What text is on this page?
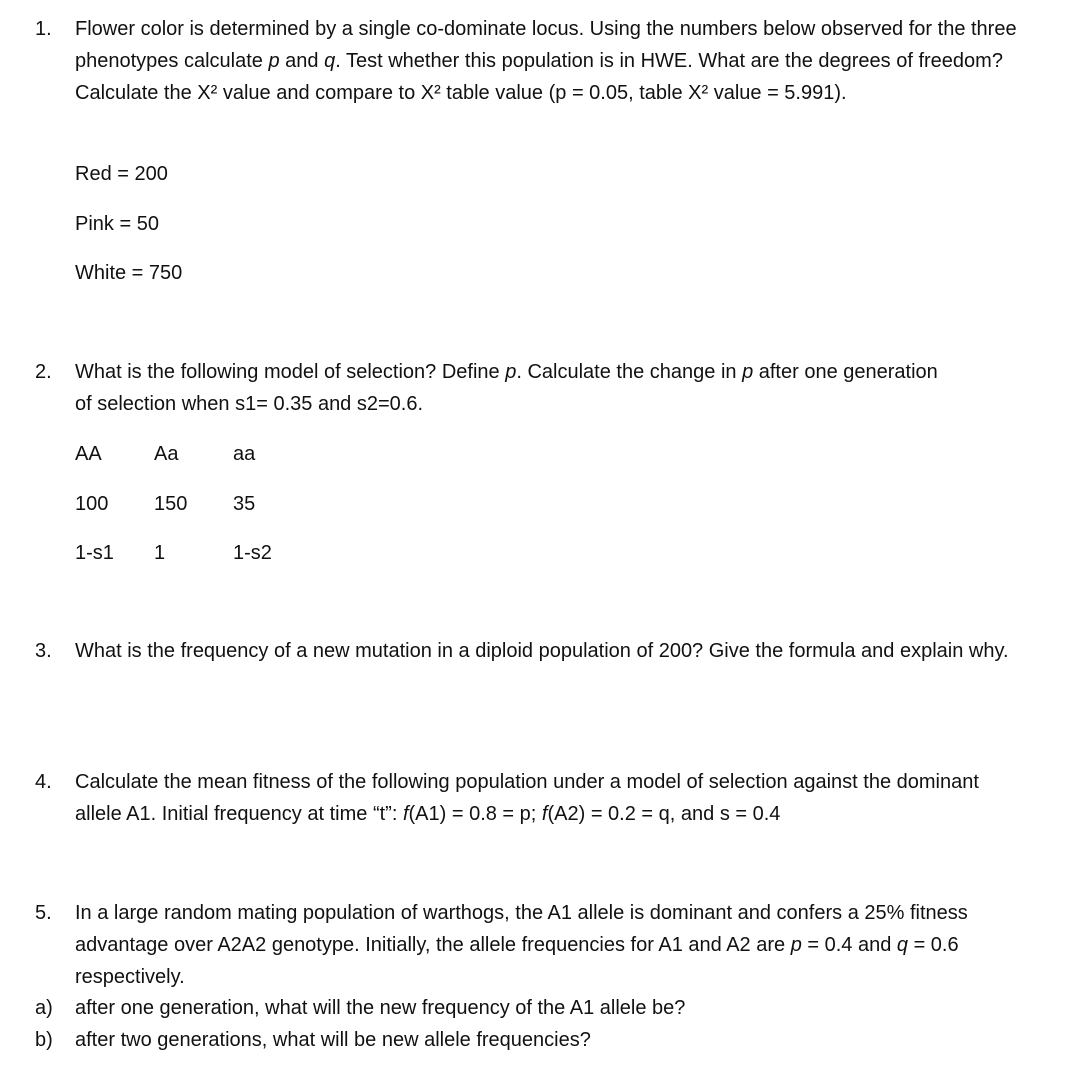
1.	Flower color is determined by a single co-dominate locus. Using the numbers below observed for the three phenotypes calculate p and q. Test whether this population is in HWE. What are the degrees of freedom? Calculate the X² value and compare to X² table value (p = 0.05, table X² value = 5.991).
Red = 200
Pink = 50
White = 750
2.	What is the following model of selection? Define p. Calculate the change in p after one generation of selection when s1= 0.35 and s2=0.6.
AA	Aa	aa
100 150 35
1-s1 1	1-s2
3.	What is the frequency of a new mutation in a diploid population of 200? Give the formula and explain why.
4.	Calculate the mean fitness of the following population under a model of selection against the dominant allele A1. Initial frequency at time “t”: f(A1) = 0.8 = p; f(A2) = 0.2 = q, and s = 0.4
5.	In a large random mating population of warthogs, the A1 allele is dominant and confers a 25% fitness advantage over A2A2 genotype. Initially, the allele frequencies for A1 and A2 are p = 0.4 and q = 0.6 respectively.
a) after one generation, what will the new frequency of the A1 allele be?
b) after two generations, what will be new allele frequencies?
